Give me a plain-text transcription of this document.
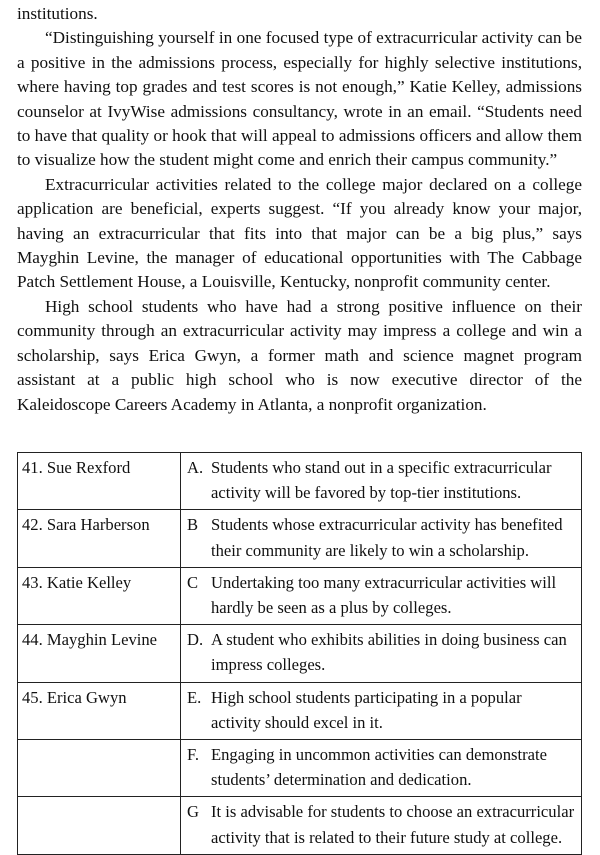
institutions.

“Distinguishing yourself in one focused type of extracurricular activity can be a positive in the admissions process, especially for highly selective institutions, where having top grades and test scores is not enough,” Katie Kelley, admissions counselor at IvyWise admissions consultancy, wrote in an email. “Students need to have that quality or hook that will appeal to admissions officers and allow them to visualize how the student might come and enrich their campus community.”

Extracurricular activities related to the college major declared on a college application are beneficial, experts suggest. “If you already know your major, having an extracurricular that fits into that major can be a big plus,” says Mayghin Levine, the manager of educational opportunities with The Cabbage Patch Settlement House, a Louisville, Kentucky, nonprofit community center.

High school students who have had a strong positive influence on their community through an extracurricular activity may impress a college and win a scholarship, says Erica Gwyn, a former math and science magnet program assistant at a public high school who is now executive director of the Kaleidoscope Careers Academy in Atlanta, a nonprofit organization.

41. Sue Rexford	A. Students who stand out in a specific extracurricular activity will be favored by top-tier institutions.
42. Sara Harberson	B Students whose extracurricular activity has benefited their community are likely to win a scholarship.
43. Katie Kelley	C Undertaking too many extracurricular activities will hardly be seen as a plus by colleges.
44. Mayghin Levine	D. A student who exhibits abilities in doing business can impress colleges.
45. Erica Gwyn	E. High school students participating in a popular activity should excel in it.

	F. Engaging in uncommon activities can demonstrate students’ determination and dedication.

	G It is advisable for students to choose an extracurricular activity that is related to their future study at college.
